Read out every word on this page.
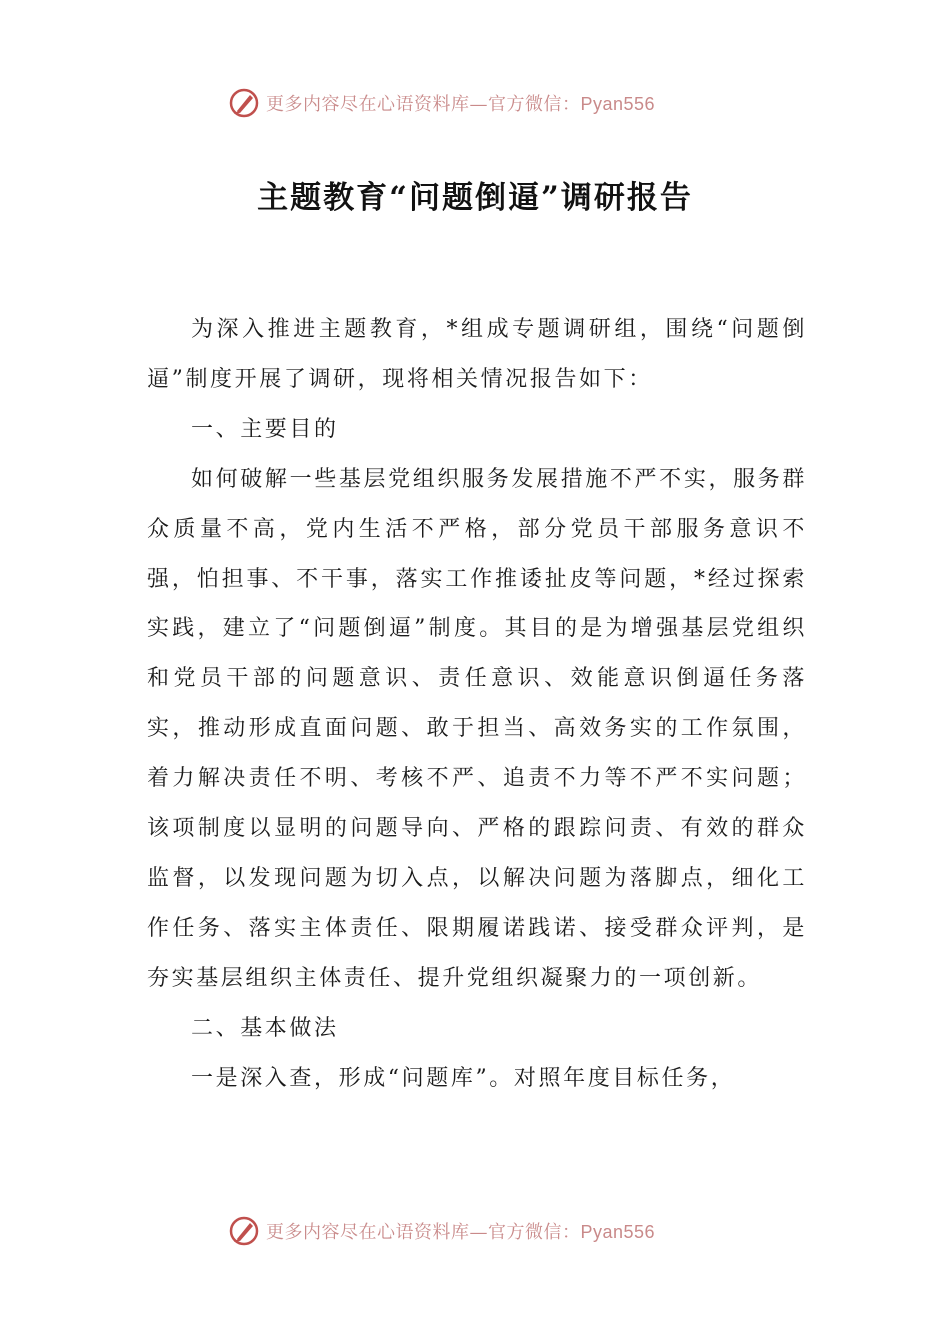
更多内容尽在心语资料库—官方微信：Pyan556
主题教育“问题倒逼”调研报告

为深入推进主题教育，*组成专题调研组，围绕“问题倒逼”制度开展了调研，现将相关情况报告如下：

一、主要目的

如何破解一些基层党组织服务发展措施不严不实，服务群众质量不高，党内生活不严格，部分党员干部服务意识不强，怕担事、不干事，落实工作推诿扯皮等问题，*经过探索实践，建立了“问题倒逼”制度。其目的是为增强基层党组织和党员干部的问题意识、责任意识、效能意识倒逼任务落实，推动形成直面问题、敢于担当、高效务实的工作氛围，着力解决责任不明、考核不严、追责不力等不严不实问题；该项制度以显明的问题导向、严格的跟踪问责、有效的群众监督，以发现问题为切入点，以解决问题为落脚点，细化工作任务、落实主体责任、限期履诺践诺、接受群众评判，是夯实基层组织主体责任、提升党组织凝聚力的一项创新。

二、基本做法

一是深入查，形成“问题库”。对照年度目标任务，

更多内容尽在心语资料库—官方微信：Pyan556
